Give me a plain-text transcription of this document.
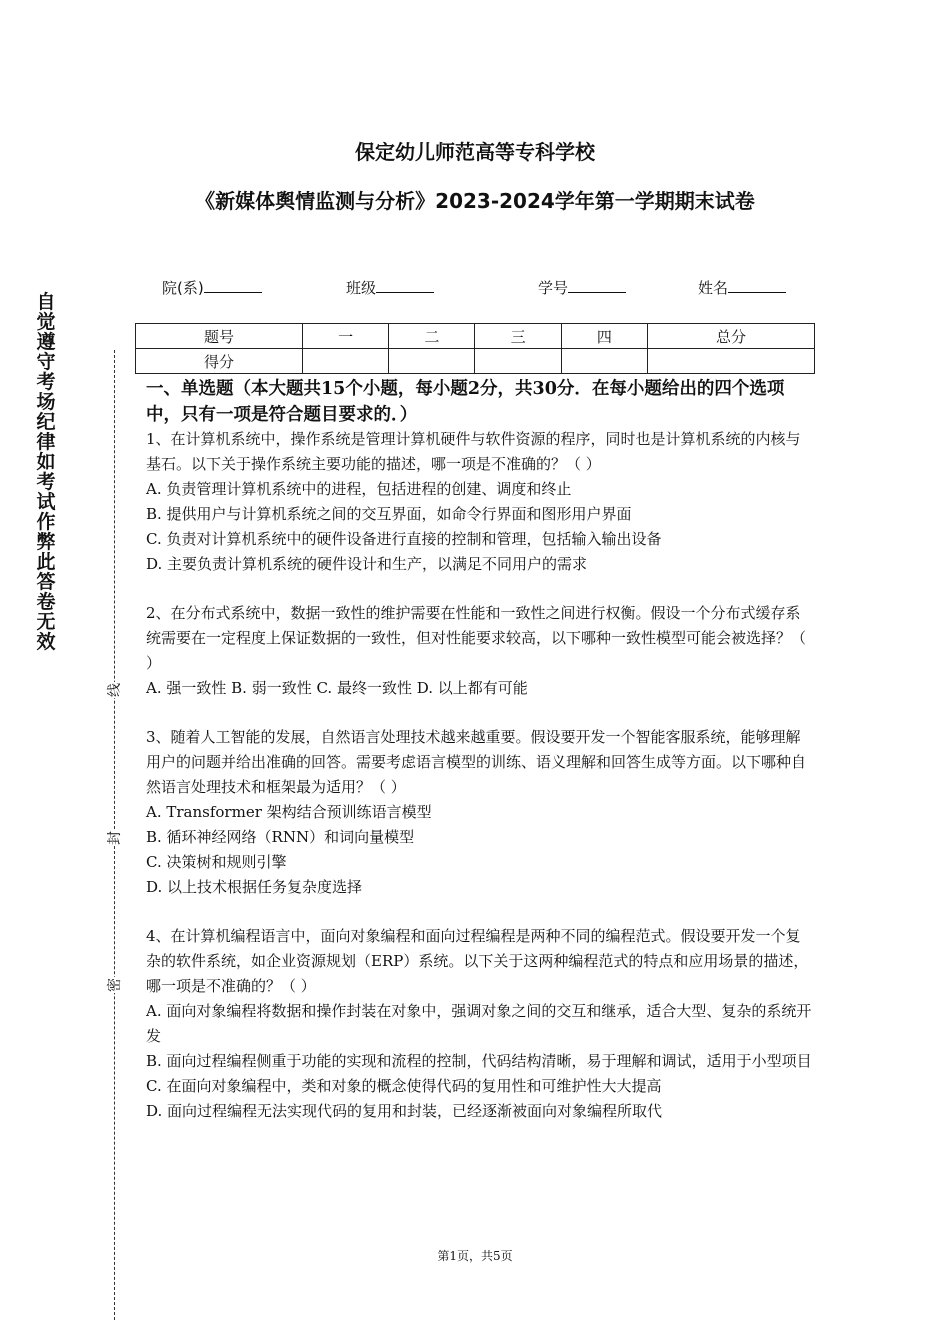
保定幼儿师范高等专科学校
《新媒体舆情监测与分析》2023-2024学年第一学期期末试卷
院(系)	班级	学号	姓名
题号	一	二	三	四	总分
得分					
自觉遵守考场纪律如考试作弊此答卷无效
线
封
密
一、单选题（本大题共15个小题，每小题2分，共30分．在每小题给出的四个选项中，只有一项是符合题目要求的．）

1、在计算机系统中，操作系统是管理计算机硬件与软件资源的程序，同时也是计算机系统的内核与基石。以下关于操作系统主要功能的描述，哪一项是不准确的？（ ）

A. 负责管理计算机系统中的进程，包括进程的创建、调度和终止

B. 提供用户与计算机系统之间的交互界面，如命令行界面和图形用户界面

C. 负责对计算机系统中的硬件设备进行直接的控制和管理，包括输入输出设备

D. 主要负责计算机系统的硬件设计和生产，以满足不同用户的需求

2、在分布式系统中，数据一致性的维护需要在性能和一致性之间进行权衡。假设一个分布式缓存系统需要在一定程度上保证数据的一致性，但对性能要求较高，以下哪种一致性模型可能会被选择？（ ）

A. 强一致性 B. 弱一致性 C. 最终一致性 D. 以上都有可能

3、随着人工智能的发展，自然语言处理技术越来越重要。假设要开发一个智能客服系统，能够理解用户的问题并给出准确的回答。需要考虑语言模型的训练、语义理解和回答生成等方面。以下哪种自然语言处理技术和框架最为适用？（ ）

A. Transformer 架构结合预训练语言模型

B. 循环神经网络（RNN）和词向量模型

C. 决策树和规则引擎

D. 以上技术根据任务复杂度选择

4、在计算机编程语言中，面向对象编程和面向过程编程是两种不同的编程范式。假设要开发一个复杂的软件系统，如企业资源规划（ERP）系统。以下关于这两种编程范式的特点和应用场景的描述，哪一项是不准确的？（ ）

A. 面向对象编程将数据和操作封装在对象中，强调对象之间的交互和继承，适合大型、复杂的系统开发

B. 面向过程编程侧重于功能的实现和流程的控制，代码结构清晰，易于理解和调试，适用于小型项目

C. 在面向对象编程中，类和对象的概念使得代码的复用性和可维护性大大提高

D. 面向过程编程无法实现代码的复用和封装，已经逐渐被面向对象编程所取代

第1页，共5页
